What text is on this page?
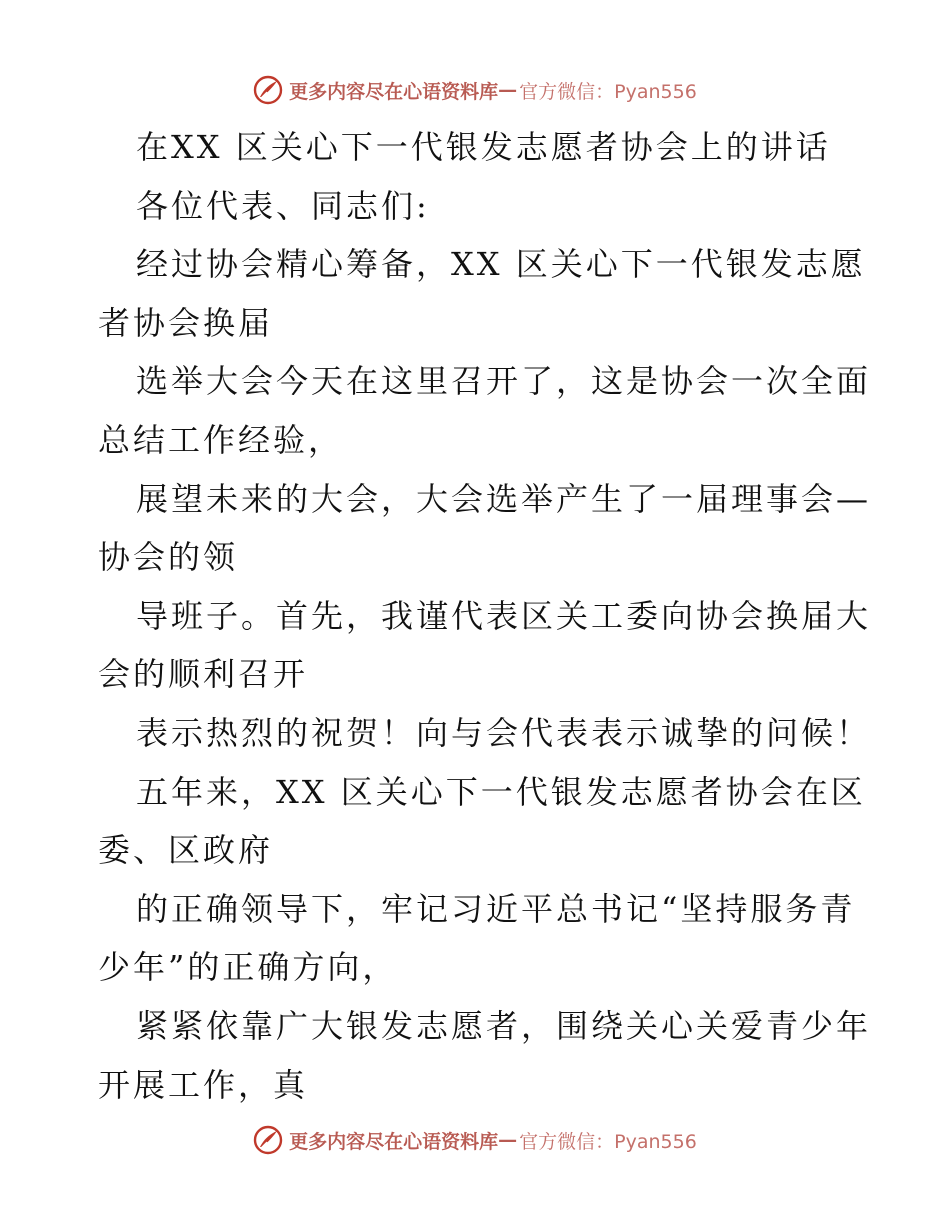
更多内容尽在心语资料库 — 官方微信：Pyan556
在XX 区关心下一代银发志愿者协会上的讲话
各位代表、同志们:
经过协会精心筹备，XX 区关心下一代银发志愿
者协会换届
选举大会今天在这里召开了，这是协会一次全面
总结工作经验，
展望未来的大会，大会选举产生了一届理事会—
协会的领
导班子。首先，我谨代表区关工委向协会换届大
会的顺利召开
表示热烈的祝贺！向与会代表表示诚挚的问候！
五年来，XX 区关心下一代银发志愿者协会在区
委、区政府
的正确领导下，牢记习近平总书记“坚持服务青
少年”的正确方向，
紧紧依靠广大银发志愿者，围绕关心关爱青少年
开展工作，真
更多内容尽在心语资料库 — 官方微信：Pyan556
